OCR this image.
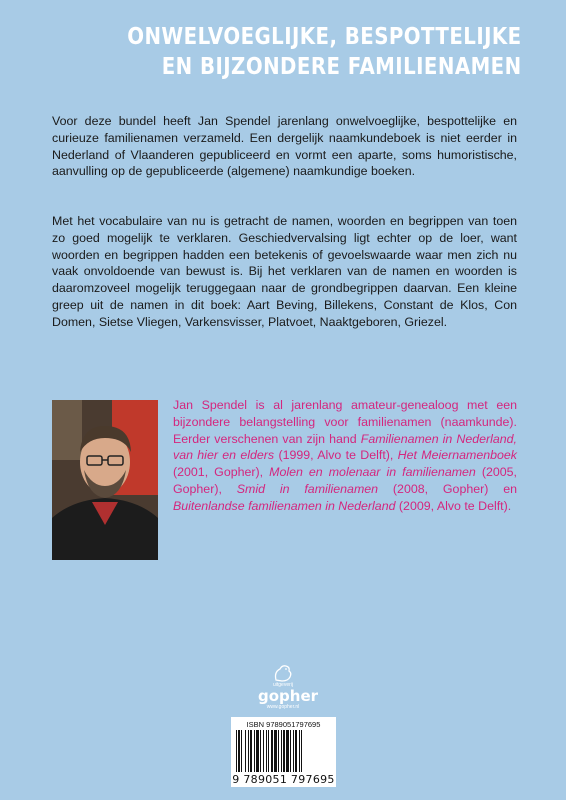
ONWELVOEGLIJKE, BESPOTTELIJKE
EN BIJZONDERE FAMILIENAMEN
Voor deze bundel heeft Jan Spendel jarenlang onwelvoeglijke, bespottelijke en curieuze familienamen verzameld. Een dergelijk naamkundeboek is niet eerder in Nederland of Vlaanderen gepubliceerd en vormt een aparte, soms humoristische, aanvulling op de gepubliceerde (algemene) naamkundige boeken.
Met het vocabulaire van nu is getracht de namen, woorden en begrippen van toen zo goed mogelijk te verklaren. Geschiedvervalsing ligt echter op de loer, want woorden en begrippen hadden een betekenis of gevoelswaarde waar men zich nu vaak onvoldoende van bewust is. Bij het verklaren van de namen en woorden is daaromzoveel mogelijk teruggegaan naar de grondbegrippen daarvan. Een kleine greep uit de namen in dit boek: Aart Beving, Billekens, Constant de Klos, Con Domen, Sietse Vliegen, Varkensvisser, Platvoet, Naaktgeboren, Griezel.
Jan Spendel is al jarenlang amateur-genealoog met een bijzondere belangstelling voor familienamen (naamkunde). Eerder verschenen van zijn hand Familienamen in Nederland, van hier en elders (1999, Alvo te Delft), Het Meiernamenboek (2001, Gopher), Molen en molenaar in familienamen (2005, Gopher), Smid in familienamen (2008, Gopher) en Buitenlandse familienamen in Nederland (2009, Alvo te Delft).
uitgeverij
gopher
www.gopher.nl
ISBN 9789051797695
9 789051 797695
